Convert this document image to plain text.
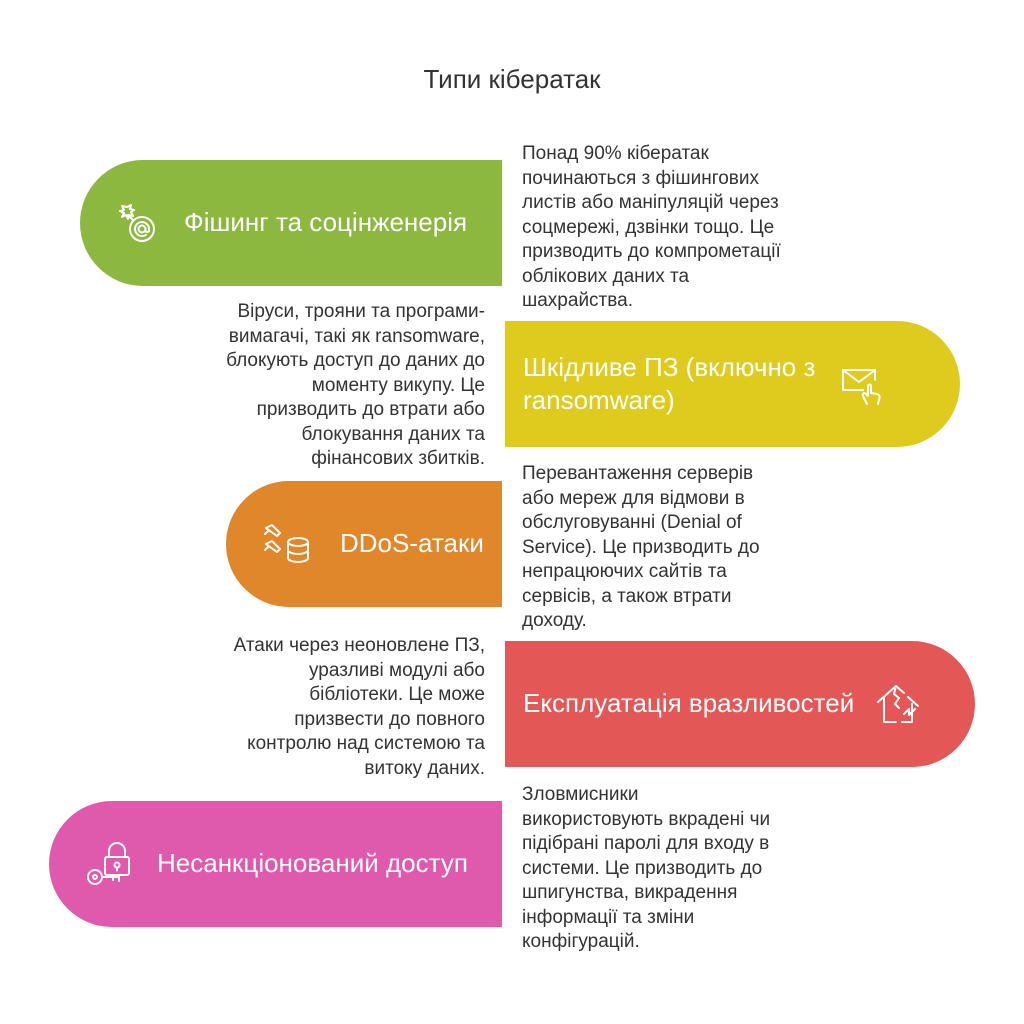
Типи кібератак
Фішинг та соцінженерія
Понад 90% кібератак
починаються з фішингових
листів або маніпуляцій через
соцмережі, дзвінки тощо. Це
призводить до компрометації
облікових даних та
шахрайства.
Віруси, трояни та програми-
вимагачі, такі як ransomware,
блокують доступ до даних до
моменту викупу. Це
призводить до втрати або
блокування даних та
фінансових збитків.
Шкідливе ПЗ (включно з
ransomware)
DDoS-атаки
Перевантаження серверів
або мереж для відмови в
обслуговуванні (Denial of
Service). Це призводить до
непрацюючих сайтів та
сервісів, а також втрати
доходу.
Атаки через неоновлене ПЗ,
уразливі модулі або
бібліотеки. Це може
призвести до повного
контролю над системою та
витоку даних.
Експлуатація вразливостей
Несанкціонований доступ
Зловмисники
використовують вкрадені чи
підібрані паролі для входу в
системи. Це призводить до
шпигунства, викрадення
інформації та зміни
конфігурацій.
